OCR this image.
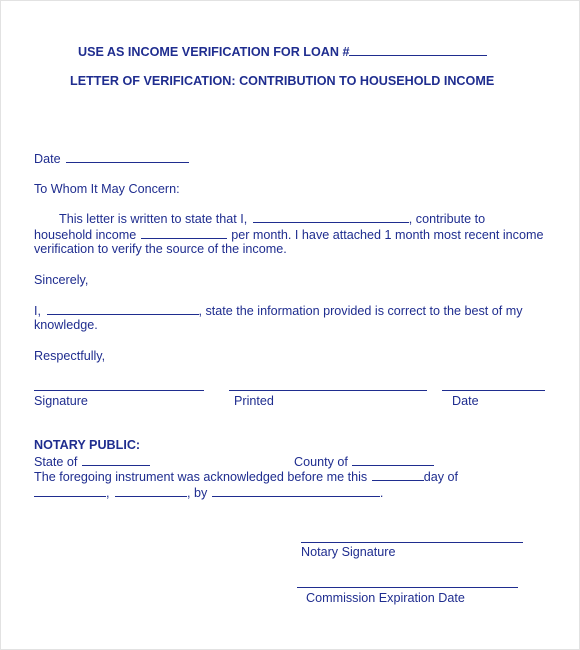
USE AS INCOME VERIFICATION FOR LOAN #
LETTER OF VERIFICATION: CONTRIBUTION TO HOUSEHOLD INCOME
Date
To Whom It May Concern:
This letter is written to state that I,	, contribute to
household income	per month. I have attached 1 month most recent income
verification to verify the source of the income.
Sincerely,
I,	, state the information provided is correct to the best of my
knowledge.
Respectfully,
Signature	Printed	Date
NOTARY PUBLIC:
State of	County of
The foregoing instrument was acknowledged before me this	day of
,	, by	.
Notary Signature
Commission Expiration Date
